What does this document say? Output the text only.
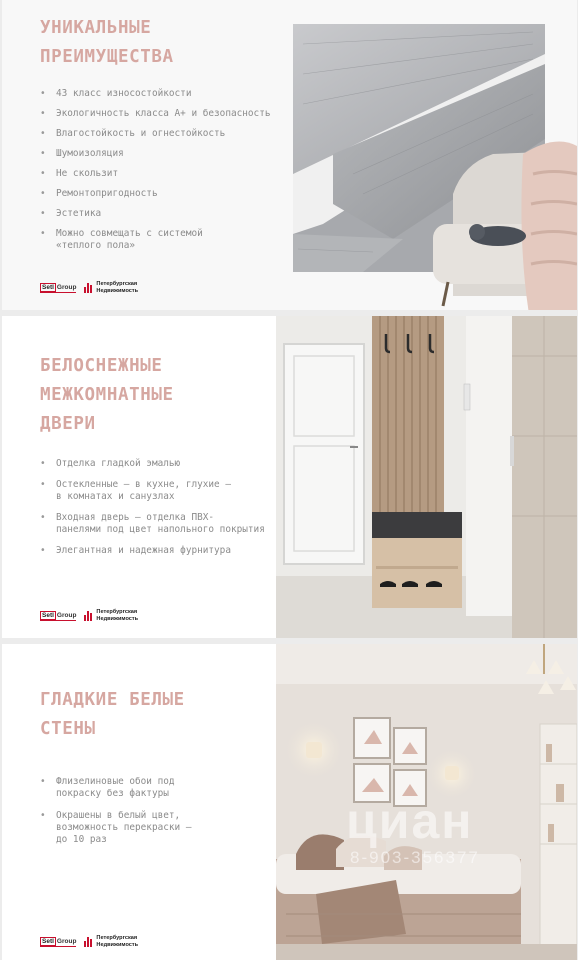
УНИКАЛЬНЫЕ
ПРЕИМУЩЕСТВА
• 43 класс износостойкости
• Экологичность класса А+ и безопасность
• Влагостойкость и огнестойкость
• Шумоизоляция
• Не скользит
• Ремонтопригодность
• Эстетика
• Можно совмещать с системой
«теплого пола»
Setl Group	Петербургская
Недвижимость
БЕЛОСНЕЖНЫЕ
МЕЖКОМНАТНЫЕ
ДВЕРИ
• Отделка гладкой эмалью
• Остекленные – в кухне, глухие –
в комнатах и санузлах
• Входная дверь – отделка ПВХ-
панелями под цвет напольного покрытия
• Элегантная и надежная фурнитура
Setl Group	Петербургская
Недвижимость
ГЛАДКИЕ БЕЛЫЕ
СТЕНЫ
• Флизелиновые обои под
покраску без фактуры
• Окрашены в белый цвет,
возможность перекраски –
до 10 раз	циан
8-903-356377
Setl Group	Петербургская
Недвижимость
